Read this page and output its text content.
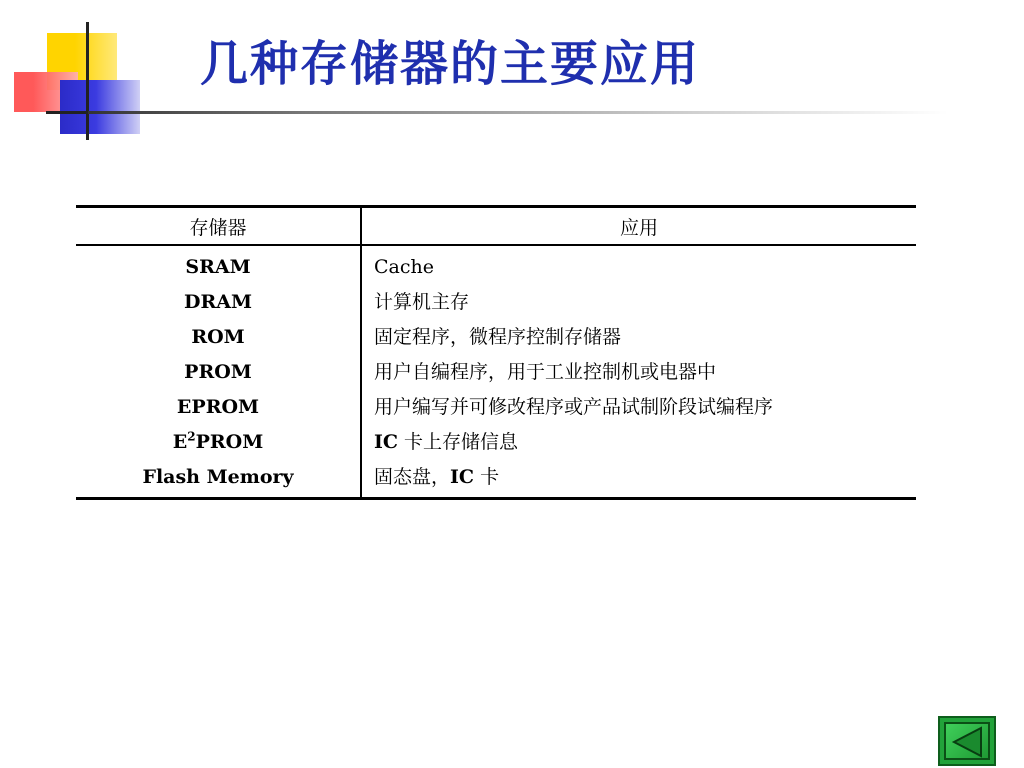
几种存储器的主要应用
存储器	应用
SRAM	Cache
DRAM	计算机主存
ROM	固定程序，微程序控制存储器
PROM	用户自编程序，用于工业控制机或电器中
EPROM	用户编写并可修改程序或产品试制阶段试编程序
$E^2PROM$	IC 卡上存储信息
Flash Memory	固态盘，IC 卡
